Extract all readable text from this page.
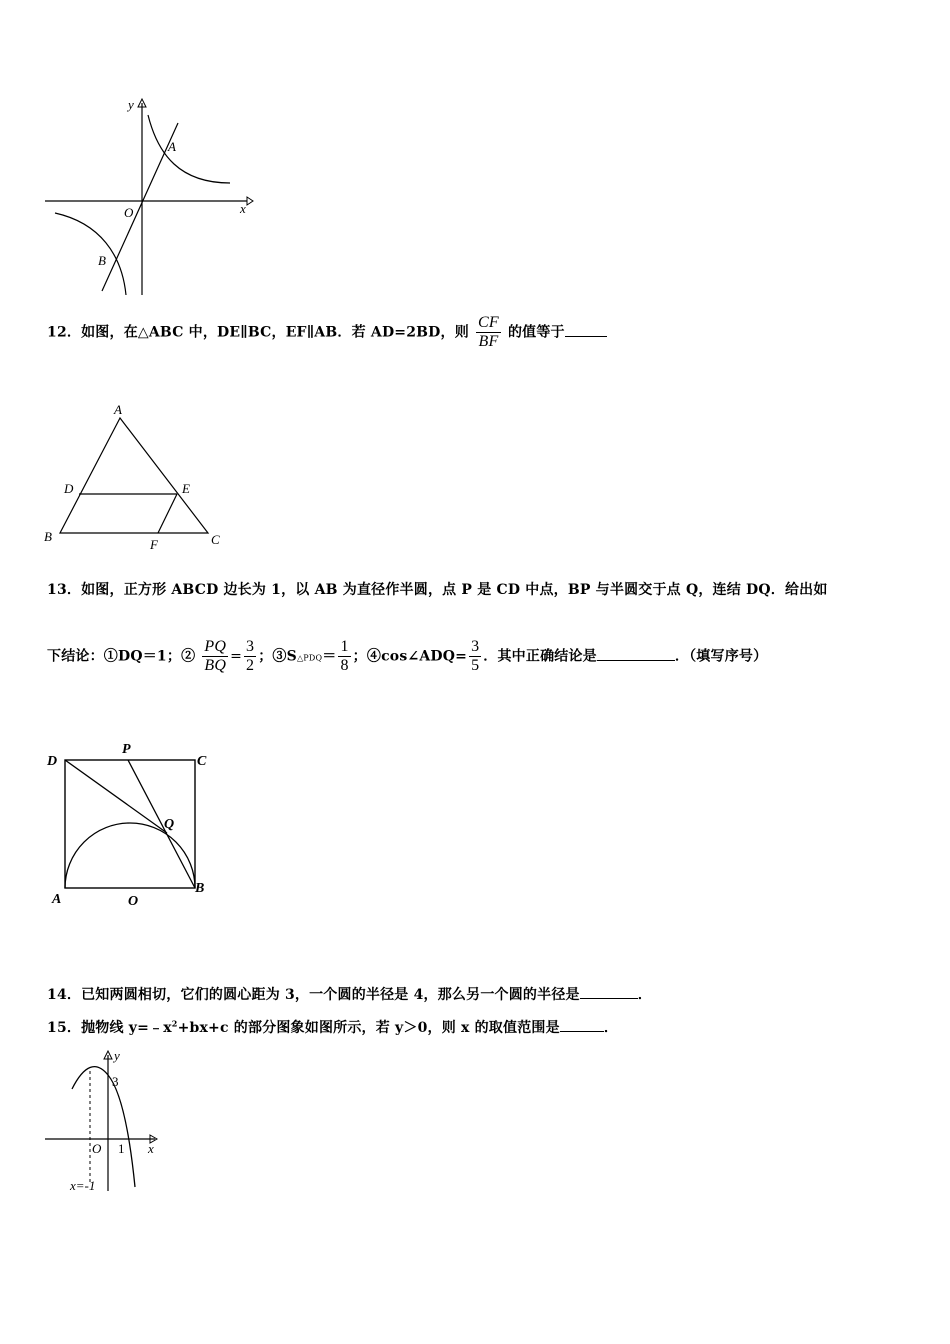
y
x
O
A
B
12．如图，在△ABC 中，DE∥BC，EF∥AB．若 AD=2BD，则 $\frac{CF}{BF}$ 的值等于
A
B	C
D	E
F
13．如图，正方形 ABCD 边长为 1，以 AB 为直径作半圆，点 P 是 CD 中点，BP 与半圆交于点 Q，连结 DQ．给出如
下结论：①DQ＝1；② $\frac{PQ}{BQ} = \frac{3}{2}$ ；③S△PDQ＝ $\frac{1}{8}$ ；④cos∠ADQ= $\frac{3}{5}$ ．其中正确结论是	．（填写序号）
D
P
C
Q
A	O
B
14．已知两圆相切，它们的圆心距为 3，一个圆的半径是 4，那么另一个圆的半径是	．
15．抛物线 $y=﹣x^2+bx+c$ 的部分图象如图所示，若 y＞0，则 x 的取值范围是	．
y
3
x
O 1
x=-1
